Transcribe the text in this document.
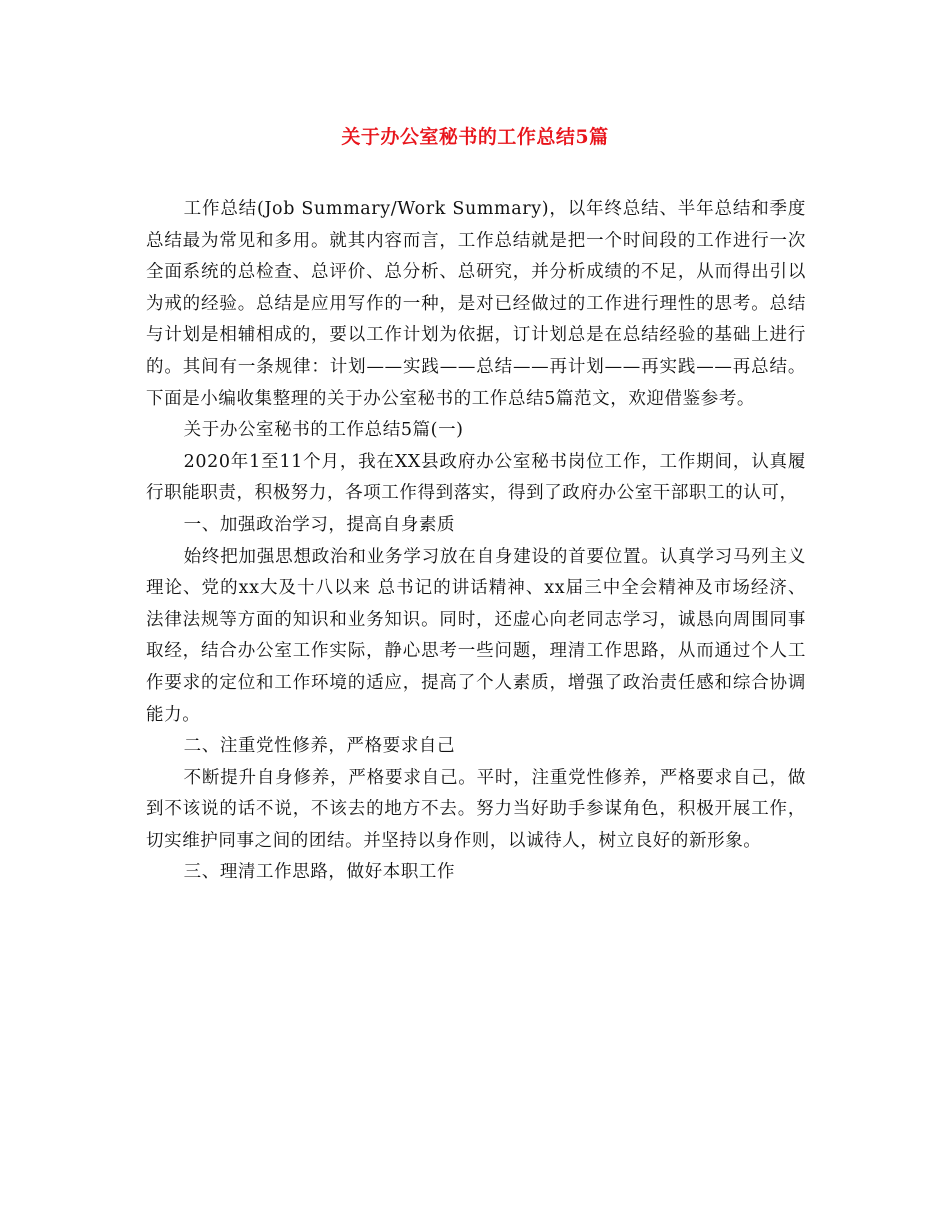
关于办公室秘书的工作总结5篇

工作总结(Job Summary/Work Summary)，以年终总结、半年总结和季度总结最为常见和多用。就其内容而言，工作总结就是把一个时间段的工作进行一次全面系统的总检查、总评价、总分析、总研究，并分析成绩的不足，从而得出引以为戒的经验。总结是应用写作的一种，是对已经做过的工作进行理性的思考。总结与计划是相辅相成的，要以工作计划为依据，订计划总是在总结经验的基础上进行的。其间有一条规律：计划——实践——总结——再计划——再实践——再总结。下面是小编收集整理的关于办公室秘书的工作总结5篇范文，欢迎借鉴参考。

关于办公室秘书的工作总结5篇(一)

2020年1至11个月，我在XX县政府办公室秘书岗位工作，工作期间，认真履行职能职责，积极努力，各项工作得到落实，得到了政府办公室干部职工的认可，

一、加强政治学习，提高自身素质

始终把加强思想政治和业务学习放在自身建设的首要位置。认真学习马列主义理论、党的xx大及十八以来 总书记的讲话精神、xx届三中全会精神及市场经济、法律法规等方面的知识和业务知识。同时，还虚心向老同志学习，诚恳向周围同事取经，结合办公室工作实际，静心思考一些问题，理清工作思路，从而通过个人工作要求的定位和工作环境的适应，提高了个人素质，增强了政治责任感和综合协调能力。

二、注重党性修养，严格要求自己

不断提升自身修养，严格要求自己。平时，注重党性修养，严格要求自己，做到不该说的话不说，不该去的地方不去。努力当好助手参谋角色，积极开展工作，切实维护同事之间的团结。并坚持以身作则，以诚待人，树立良好的新形象。

三、理清工作思路，做好本职工作
